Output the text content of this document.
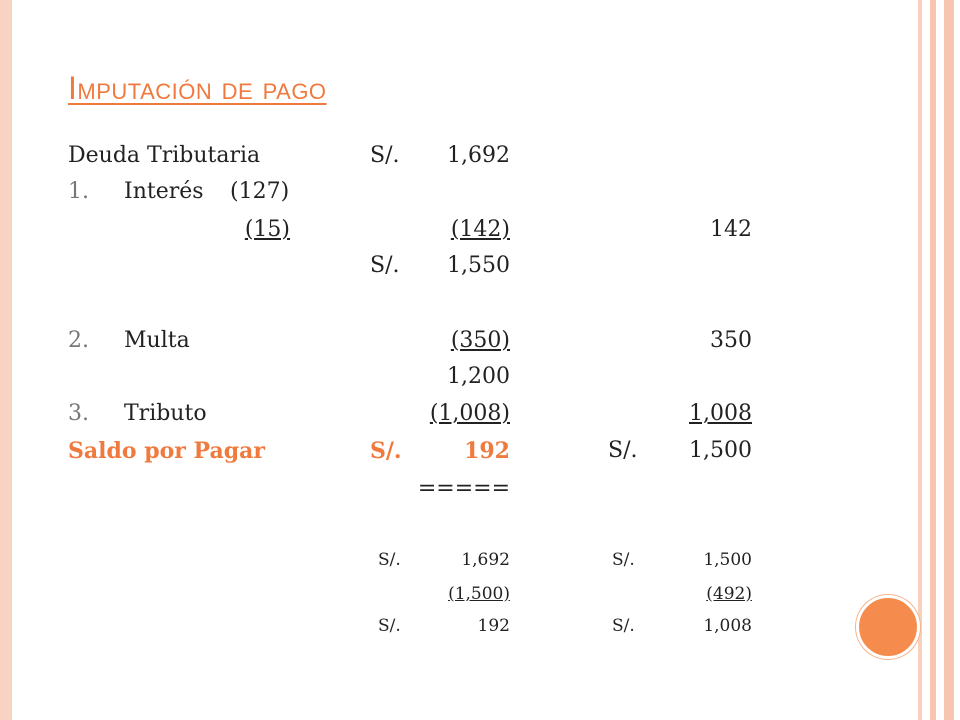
Imputación de pago
Deuda Tributaria	S/.	1,692
1. Interés (127)
(15)	(142)	142
S/.	1,550
2. Multa	(350)	350
1,200
3. Tributo	(1,008)	1,008
Saldo por Pagar	S/.	192	S/.	1,500
=====
S/.	1,692	S/.	1,500
(1,500)	(492)
S/.	192	S/.	1,008
